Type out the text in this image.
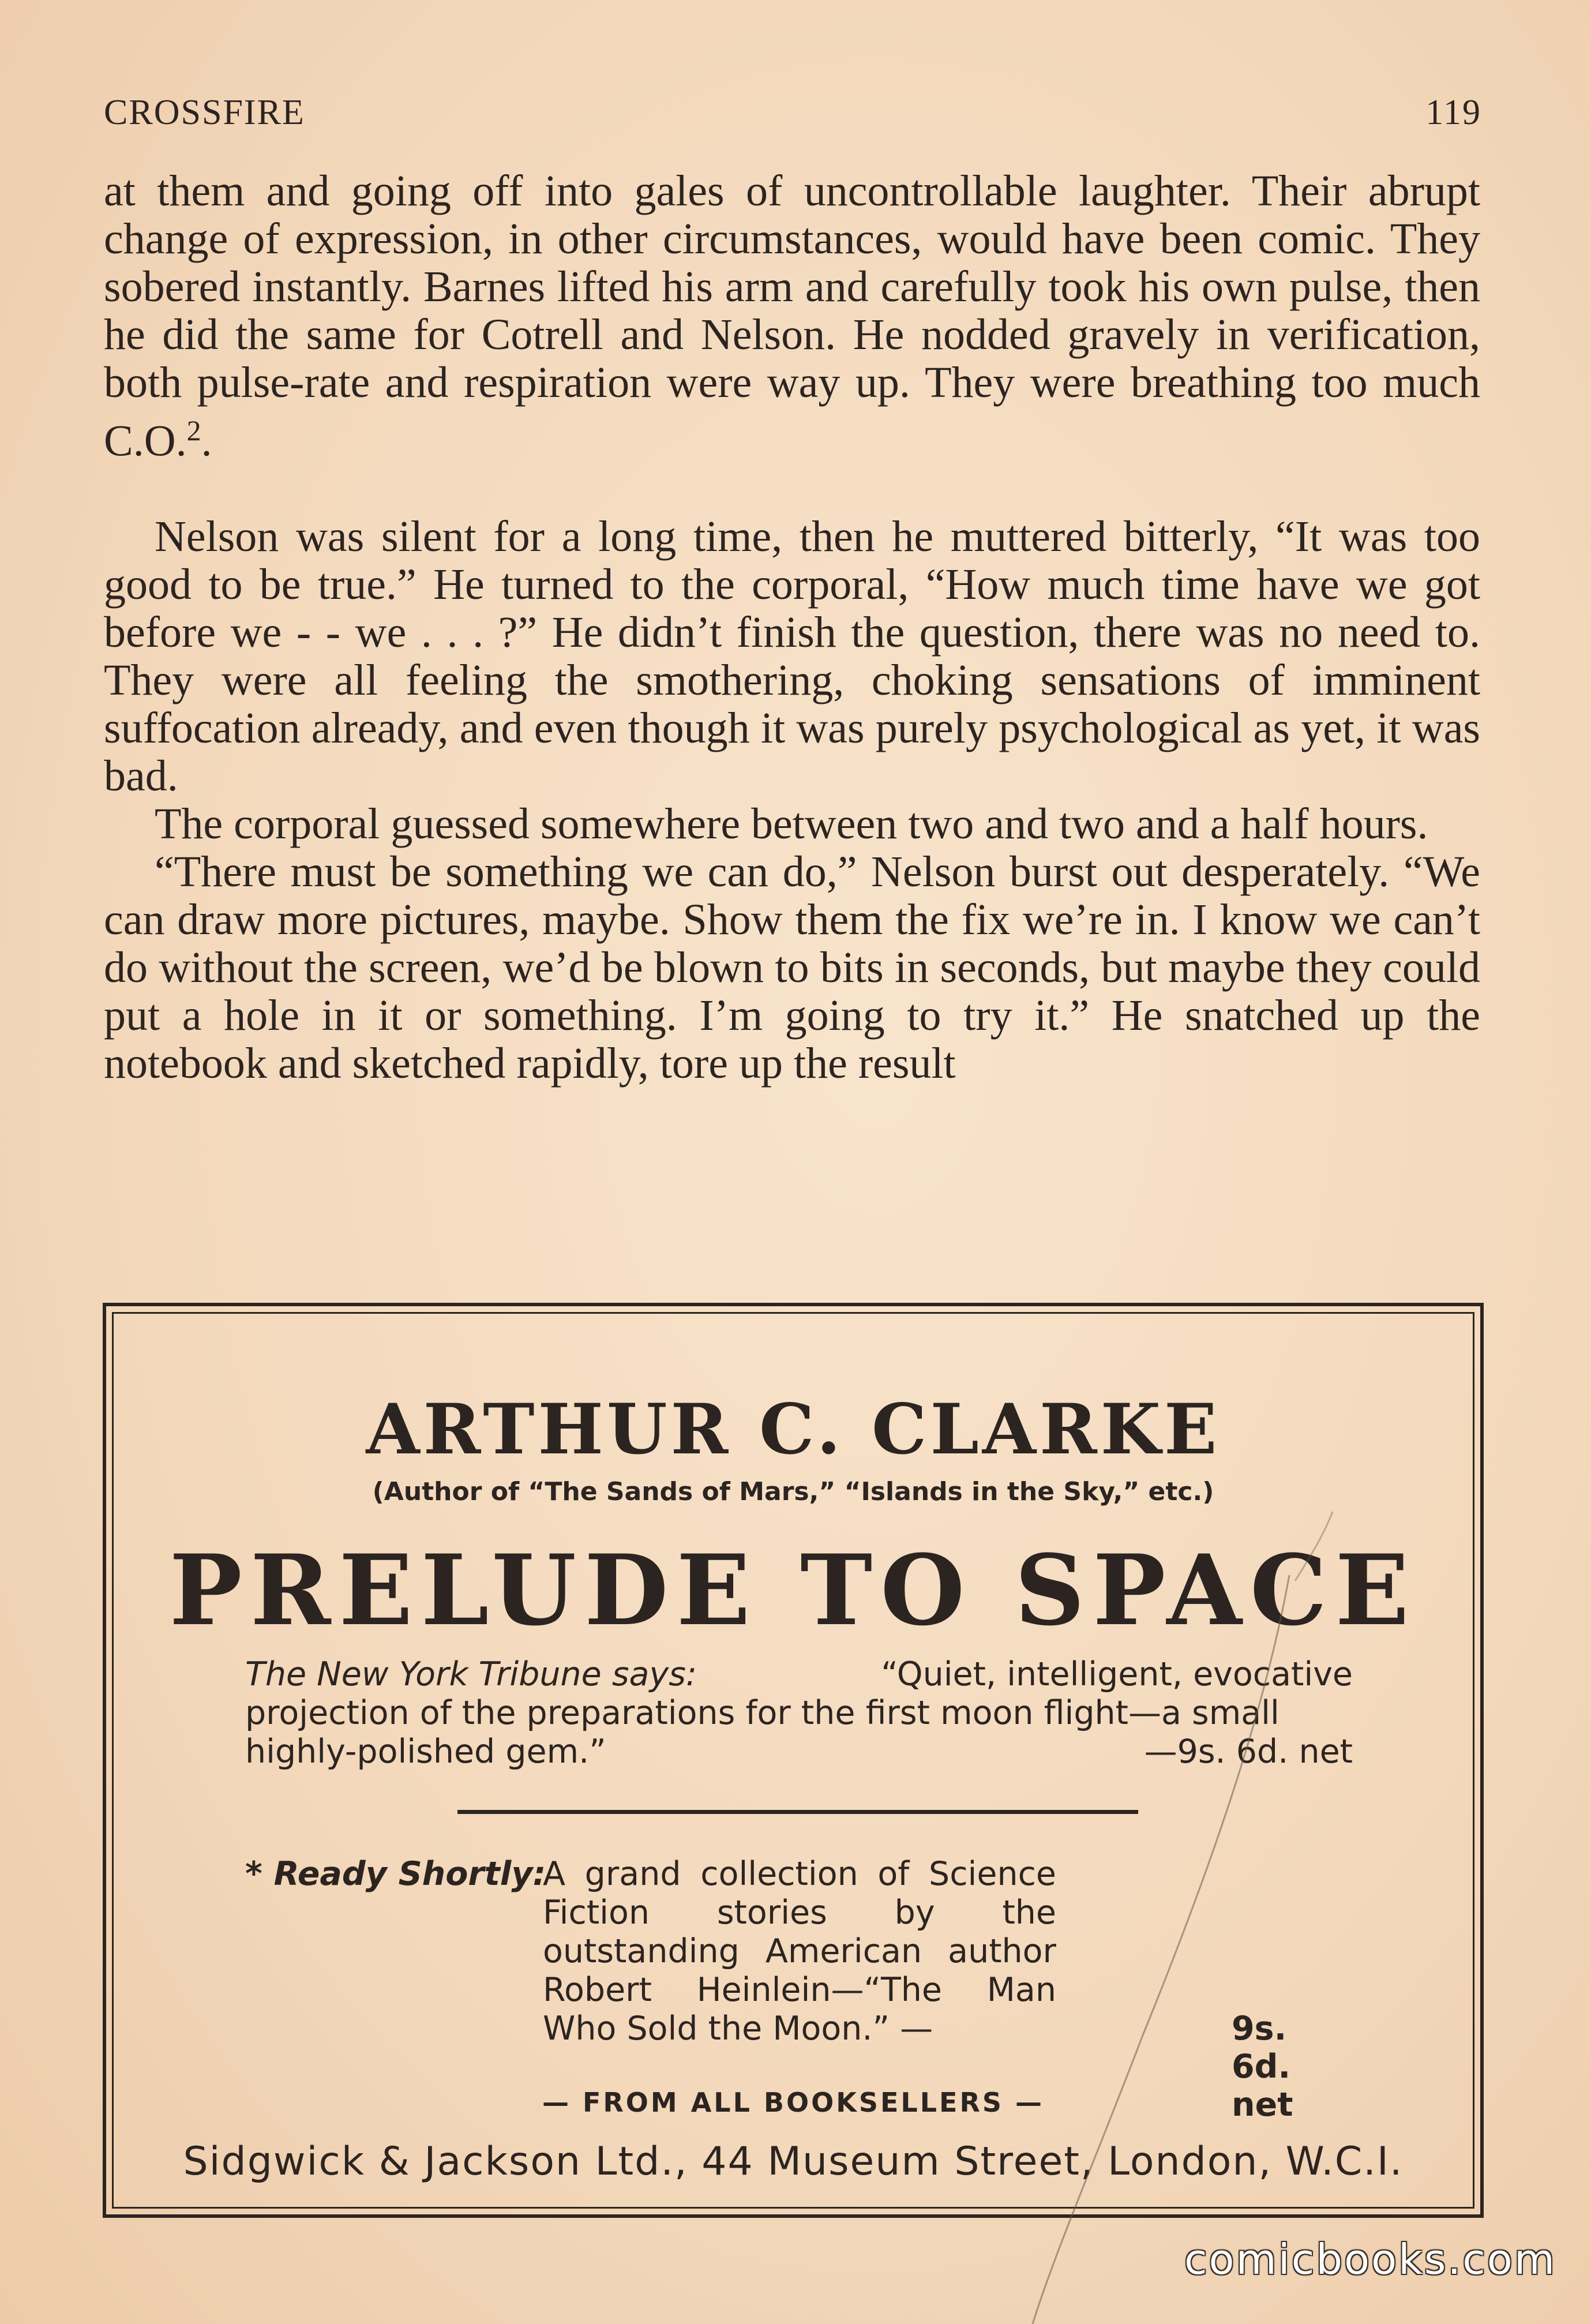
CROSSFIRE	119

at them and going off into gales of uncontrollable laughter. Their abrupt change of expression, in other circumstances, would have been comic. They sobered instantly. Barnes lifted his arm and carefully took his own pulse, then he did the same for Cotrell and Nelson. He nodded gravely in verification, both pulse-rate and respiration were way up. They were breathing too much C.O.$^2$.

Nelson was silent for a long time, then he muttered bitterly, “It was too good to be true.” He turned to the corporal, “How much time have we got before we - - we . . . ?” He didn’t finish the question, there was no need to. They were all feeling the smothering, choking sensations of imminent suffocation already, and even though it was purely psychological as yet, it was bad.

The corporal guessed somewhere between two and two and a half hours.

“There must be something we can do,” Nelson burst out desperately. “We can draw more pictures, maybe. Show them the fix we’re in. I know we can’t do without the screen, we’d be blown to bits in seconds, but maybe they could put a hole in it or something. I’m going to try it.” He snatched up the notebook and sketched rapidly, tore up the result

ARTHUR C. CLARKE
(Author of “The Sands of Mars,” “Islands in the Sky,” etc.)
PRELUDE TO SPACE
The New York Tribune says:	“Quiet, intelligent, evocative
projection of the preparations for the first moon flight—a small
highly-polished gem.”	—9s. 6d. net
* Ready Shortly:
A grand collection of Science Fiction stories by the outstanding American author Robert Heinlein—“The Man Who Sold the Moon.” —	9s. 6d. net
— FROM ALL BOOKSELLERS —
Sidgwick & Jackson Ltd., 44 Museum Street, London, W.C.I.
comicbooks.com
